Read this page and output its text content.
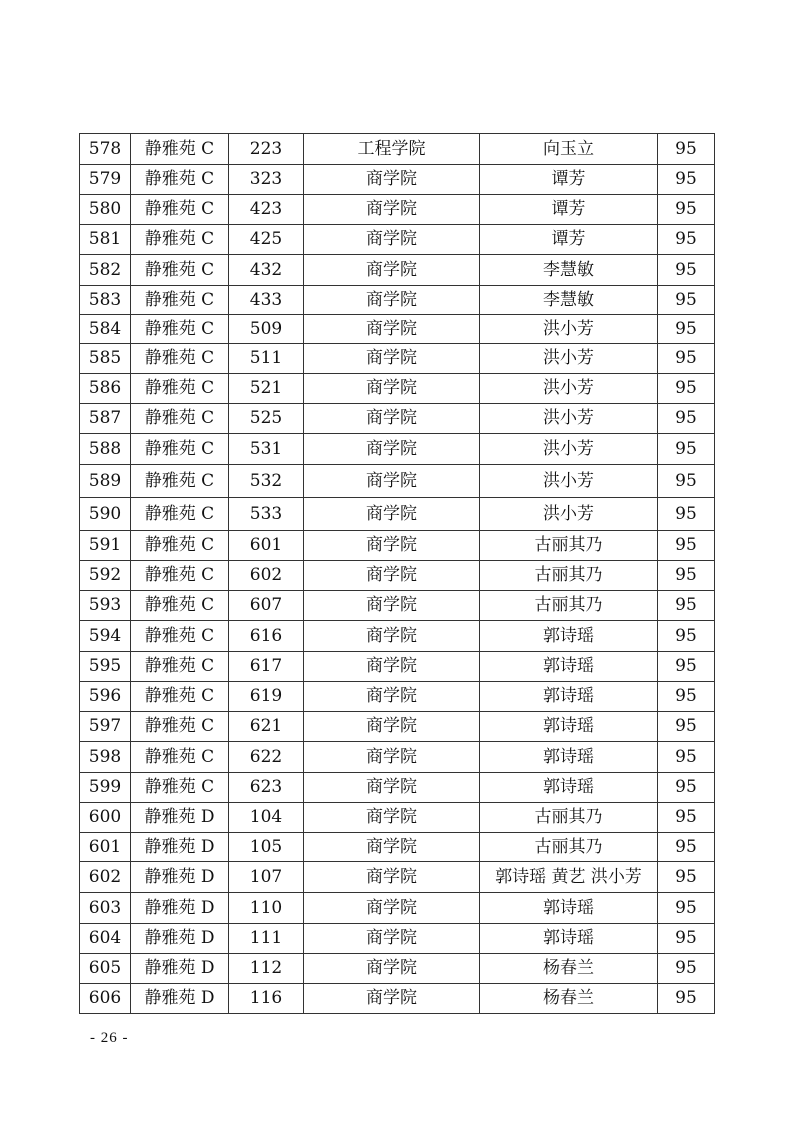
578	静雅苑 C	223	工程学院	向玉立	95
579	静雅苑 C	323	商学院	谭芳	95
580	静雅苑 C	423	商学院	谭芳	95
581	静雅苑 C	425	商学院	谭芳	95
582	静雅苑 C	432	商学院	李慧敏	95
583	静雅苑 C	433	商学院	李慧敏	95
584	静雅苑 C	509	商学院	洪小芳	95
585	静雅苑 C	511	商学院	洪小芳	95
586	静雅苑 C	521	商学院	洪小芳	95
587	静雅苑 C	525	商学院	洪小芳	95
588	静雅苑 C	531	商学院	洪小芳	95
589	静雅苑 C	532	商学院	洪小芳	95
590	静雅苑 C	533	商学院	洪小芳	95
591	静雅苑 C	601	商学院	古丽其乃	95
592	静雅苑 C	602	商学院	古丽其乃	95
593	静雅苑 C	607	商学院	古丽其乃	95
594	静雅苑 C	616	商学院	郭诗瑶	95
595	静雅苑 C	617	商学院	郭诗瑶	95
596	静雅苑 C	619	商学院	郭诗瑶	95
597	静雅苑 C	621	商学院	郭诗瑶	95
598	静雅苑 C	622	商学院	郭诗瑶	95
599	静雅苑 C	623	商学院	郭诗瑶	95
600	静雅苑 D	104	商学院	古丽其乃	95
601	静雅苑 D	105	商学院	古丽其乃	95
602	静雅苑 D	107	商学院	郭诗瑶 黄艺 洪小芳	95
603	静雅苑 D	110	商学院	郭诗瑶	95
604	静雅苑 D	111	商学院	郭诗瑶	95
605	静雅苑 D	112	商学院	杨春兰	95
606	静雅苑 D	116	商学院	杨春兰	95
- 26 -
